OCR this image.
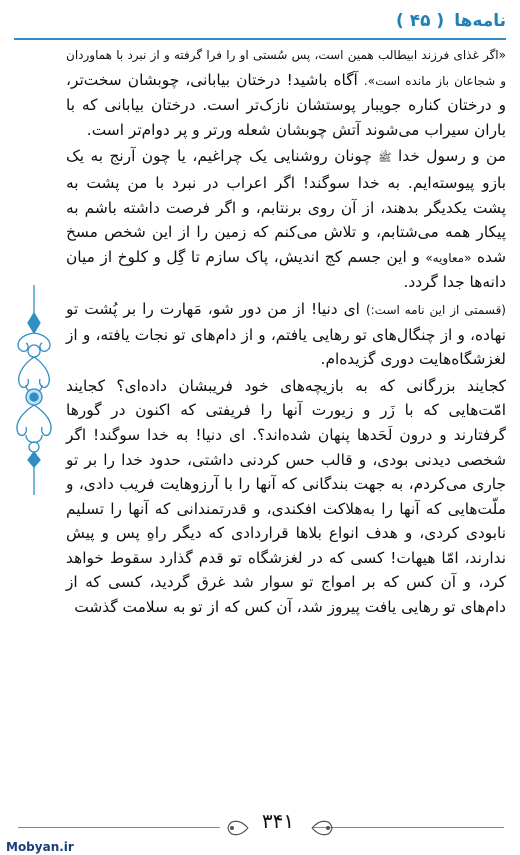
نامه‌ها
( ۴۵ )

«اگر غذای فرزند ابیطالب همین است، پس سُستی او را فرا گرفته و از نبرد با هماوردان و شجاعان باز مانده است». آگاه باشید! درختان بیابانی، چوبشان سخت‌تر، و درختان کناره جویبار پوستشان نازک‌تر است. درختان بیابانی که با باران سیراب می‌شوند آتش چوبشان شعله ورتر و پر دوام‌تر است.

من و رسول خدا ﷺ چونان روشنایی یک چراغیم، یا چون آرنج به یک بازو پیوسته‌ایم. به خدا سوگند! اگر اعراب در نبرد با من پشت به پشت یکدیگر بدهند، از آن روی برنتابم، و اگر فرصت داشته باشم به پیکار همه می‌شتابم، و تلاش می‌کنم که زمین را از این شخص مسخ شده «معاویه» و این جسم کج اندیش، پاک سازم تا گِل و کلوخ از میان دانه‌ها جدا گردد.

(قسمتی از این نامه است:) ای دنیا! از من دور شو، مَهارت را بر پُشت تو نهاده، و از چنگال‌های تو رهایی یافتم، و از دام‌های تو نجات یافته، و از لغزشگاه‌هایت دوری گزیده‌ام.

کجایند بزرگانی که به بازیچه‌های خود فریبشان داده‌ای؟ کجایند امّت‌هایی که با زَر و زیورت آنها را فریفتی که اکنون در گورها گرفتارند و درون لَحَدها پنهان شده‌اند؟. ای دنیا! به خدا سوگند! اگر شخصی دیدنی بودی، و قالب حس کردنی داشتی، حدود خدا را بر تو جاری می‌کردم، به جهت بندگانی که آنها را با آرزوهایت فریب دادی، و ملّت‌هایی که آنها را به‌هلاکت افکندی، و قدرتمندانی که آنها را تسلیم نابودی کردی، و هدف انواع بلاها قراردادی که دیگر راهِ پس و پیش ندارند، امّا هیهات! کسی که در لغزشگاه تو قدم گذارد سقوط خواهد کرد، و آن کس که بر امواج تو سوار شد غرق گردید، کسی که از دام‌های تو رهایی یافت پیروز شد، آن کس که از تو به سلامت گذشت

۳۴۱
Mobyan.ir
